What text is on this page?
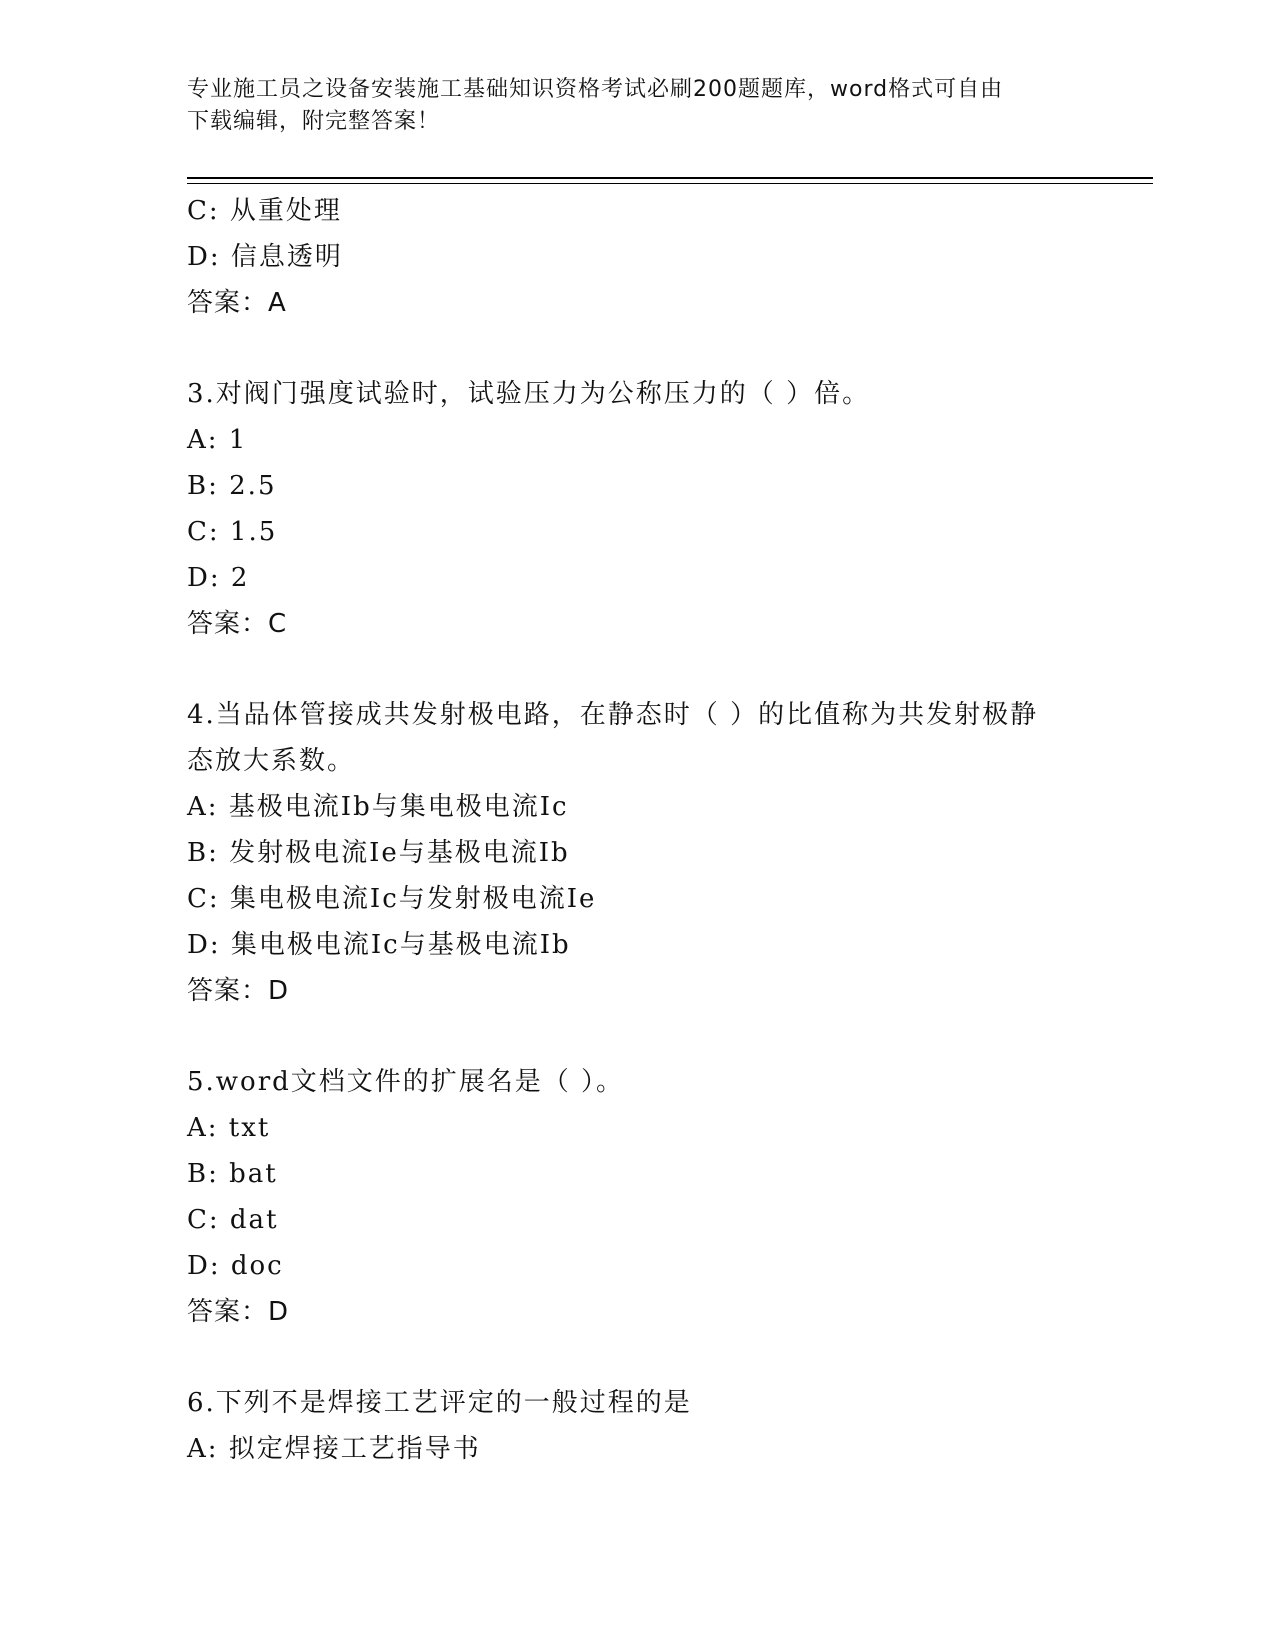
专业施工员之设备安装施工基础知识资格考试必刷200题题库，word格式可自由
下载编辑，附完整答案！
C: 从重处理
D: 信息透明
答案：A
3.对阀门强度试验时，试验压力为公称压力的（ ）倍。
A: 1
B: 2.5
C: 1.5
D: 2
答案：C
4.当品体管接成共发射极电路，在静态时（ ）的比值称为共发射极静
态放大系数。
A: 基极电流Ib与集电极电流Ic
B: 发射极电流Ie与基极电流Ib
C: 集电极电流Ic与发射极电流Ie
D: 集电极电流Ic与基极电流Ib
答案：D
5.word文档文件的扩展名是（ ）。
A: txt
B: bat
C: dat
D: doc
答案：D
6.下列不是焊接工艺评定的一般过程的是
A: 拟定焊接工艺指导书
